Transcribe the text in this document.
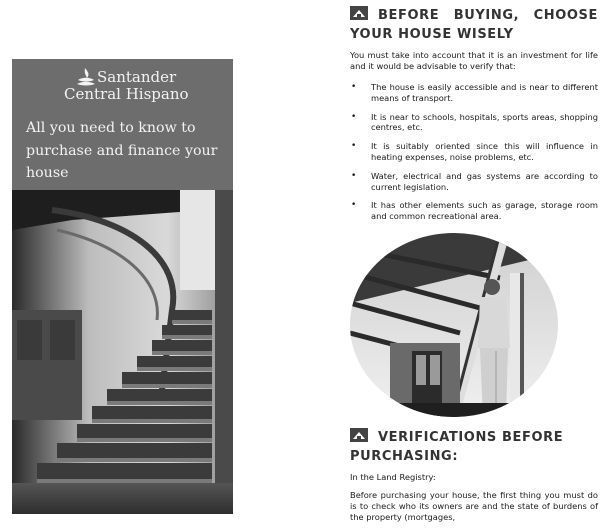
Santander
Central Hispano
All you need to know to purchase and finance your house
BEFORE BUYING, CHOOSE
YOUR HOUSE WISELY
You must take into account that it is an investment for life and it would be advisable to verify that:
• The house is easily accessible and is near to different means of transport.
• It is near to schools, hospitals, sports areas, shopping centres, etc.
• It is suitably oriented since this will influence in heating expenses, noise problems, etc.
• Water, electrical and gas systems are according to current legislation.
• It has other elements such as garage, storage room and common recreational area.
VERIFICATIONS BEFORE
PURCHASING:
In the Land Registry:
Before purchasing your house, the first thing you must do is to check who its owners are and the state of burdens of the property (mortgages,
